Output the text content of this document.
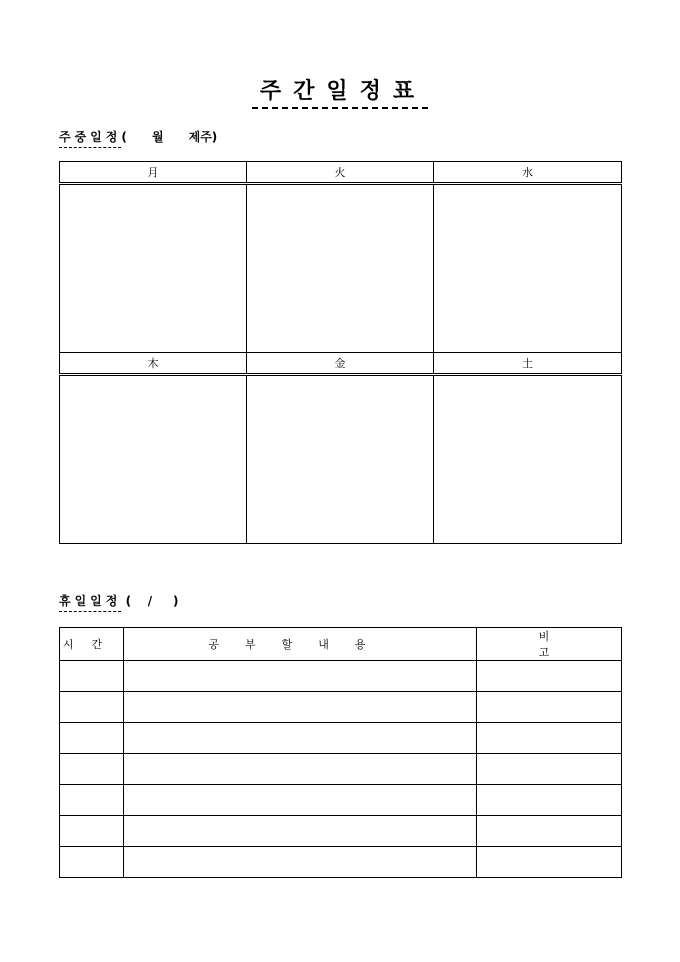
주간일정표
주중일정( 월 제주)
月	火	水

木	金	土

휴일일정 ( / )
시간	공부할내용	비고
